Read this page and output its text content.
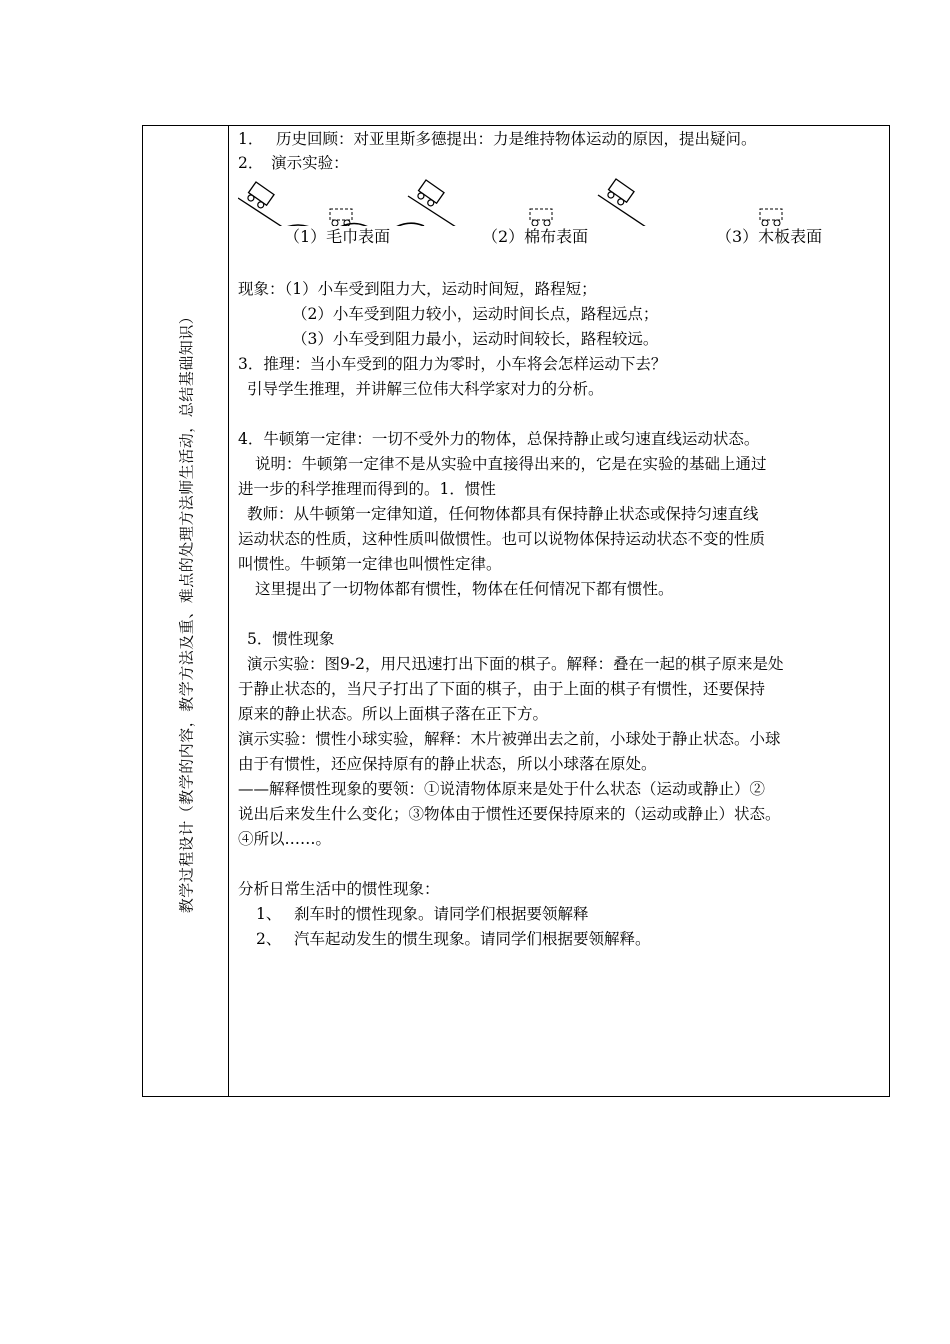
教学过程设计（教学的内容，教学方法及重、难点的处理方法师生活动，总结基础知识）
1．　 历史回顾：对亚里斯多德提出：力是维持物体运动的原因，提出疑问。
2．　演示实验：
（1）毛巾表面	（2）棉布表面	（3）木板表面
现象：（1）小车受到阻力大，运动时间短，路程短；
（2）小车受到阻力较小，运动时间长点，路程远点；
（3）小车受到阻力最小，运动时间较长，路程较远。
3．推理：当小车受到的阻力为零时，小车将会怎样运动下去？
引导学生推理，并讲解三位伟大科学家对力的分析。
4．牛顿第一定律：一切不受外力的物体，总保持静止或匀速直线运动状态。
说明：牛顿第一定律不是从实验中直接得出来的，它是在实验的基础上通过
进一步的科学推理而得到的。1．惯性
教师：从牛顿第一定律知道，任何物体都具有保持静止状态或保持匀速直线
运动状态的性质，这种性质叫做惯性。也可以说物体保持运动状态不变的性质
叫惯性。牛顿第一定律也叫惯性定律。
这里提出了一切物体都有惯性，物体在任何情况下都有惯性。
5．惯性现象
演示实验：图9-2，用尺迅速打出下面的棋子。解释：叠在一起的棋子原来是处
于静止状态的，当尺子打出了下面的棋子，由于上面的棋子有惯性，还要保持
原来的静止状态。所以上面棋子落在正下方。
演示实验：惯性小球实验，解释：木片被弹出去之前，小球处于静止状态。小球
由于有惯性，还应保持原有的静止状态，所以小球落在原处。
——解释惯性现象的要领：①说清物体原来是处于什么状态（运动或静止）②
说出后来发生什么变化；③物体由于惯性还要保持原来的（运动或静止）状态。
④所以……。
分析日常生活中的惯性现象：
1、　 刹车时的惯性现象。请同学们根据要领解释
2、　 汽车起动发生的惯生现象。请同学们根据要领解释。
